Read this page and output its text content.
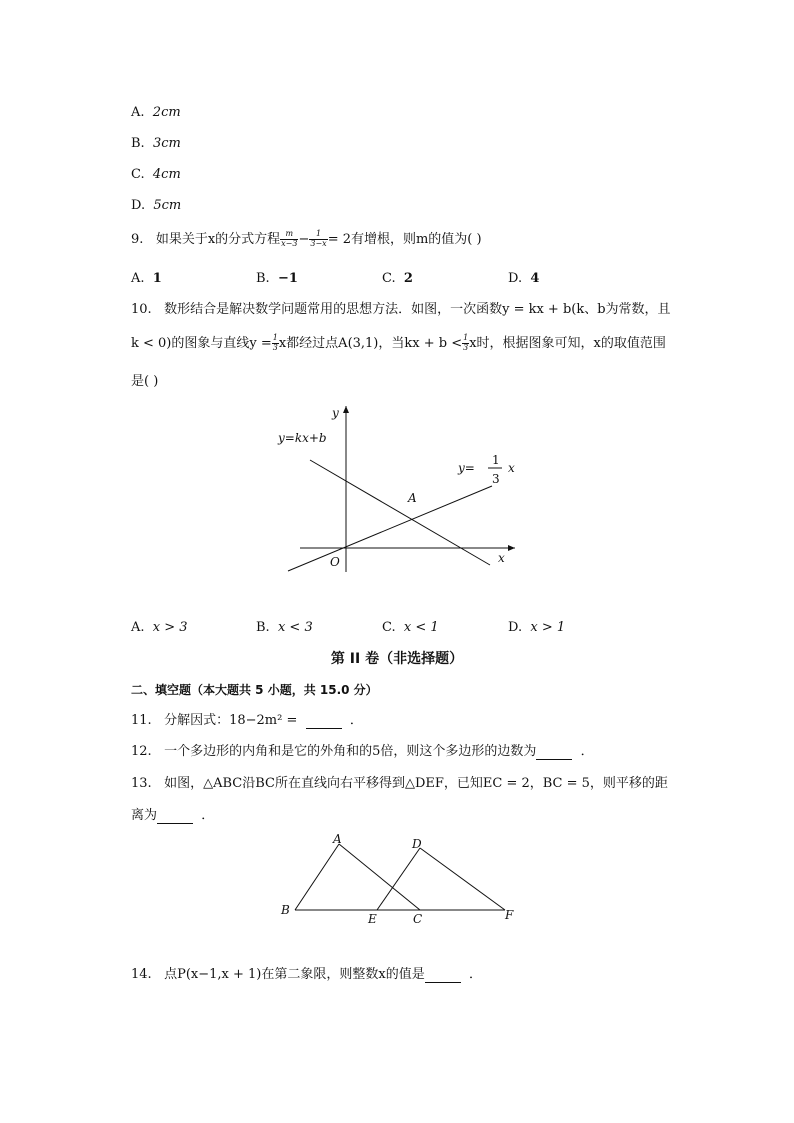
A. 2cm
B. 3cm
C. 4cm
D. 5cm
9. 如果关于x的分式方程 $\frac{m}{x-3} - \frac{1}{3-x} = 2$有增根，则m的值为( )
A. 1	B. −1	C. 2	D. 4
10. 数形结合是解决数学问题常用的思想方法．如图，一次函数y = kx + b(k、b为常数，且
k < 0)的图象与直线$y = \frac{1}{3}$ x都经过点A(3,1)，当kx + $b < \frac{1}{3}$ x时，根据图象可知，x的取值范围
是( )
y
x
O
y=kx+b
y=
1
3
x
A
A. x > 3	B. x < 3	C. x < 1	D. x > 1
第 II 卷（非选择题）
二、填空题（本大题共 5 小题，共 15.0 分）
11. 分解因式：18−2m² =	．
12. 一个多边形的内角和是它的外角和的5倍，则这个多边形的边数为	．
13. 如图，△ABC沿BC所在直线向右平移得到△DEF，已知EC = 2，BC = 5，则平移的距
离为	．
A
B
C
D
E	F
14. 点P(x−1,x + 1)在第二象限，则整数x的值是	．
